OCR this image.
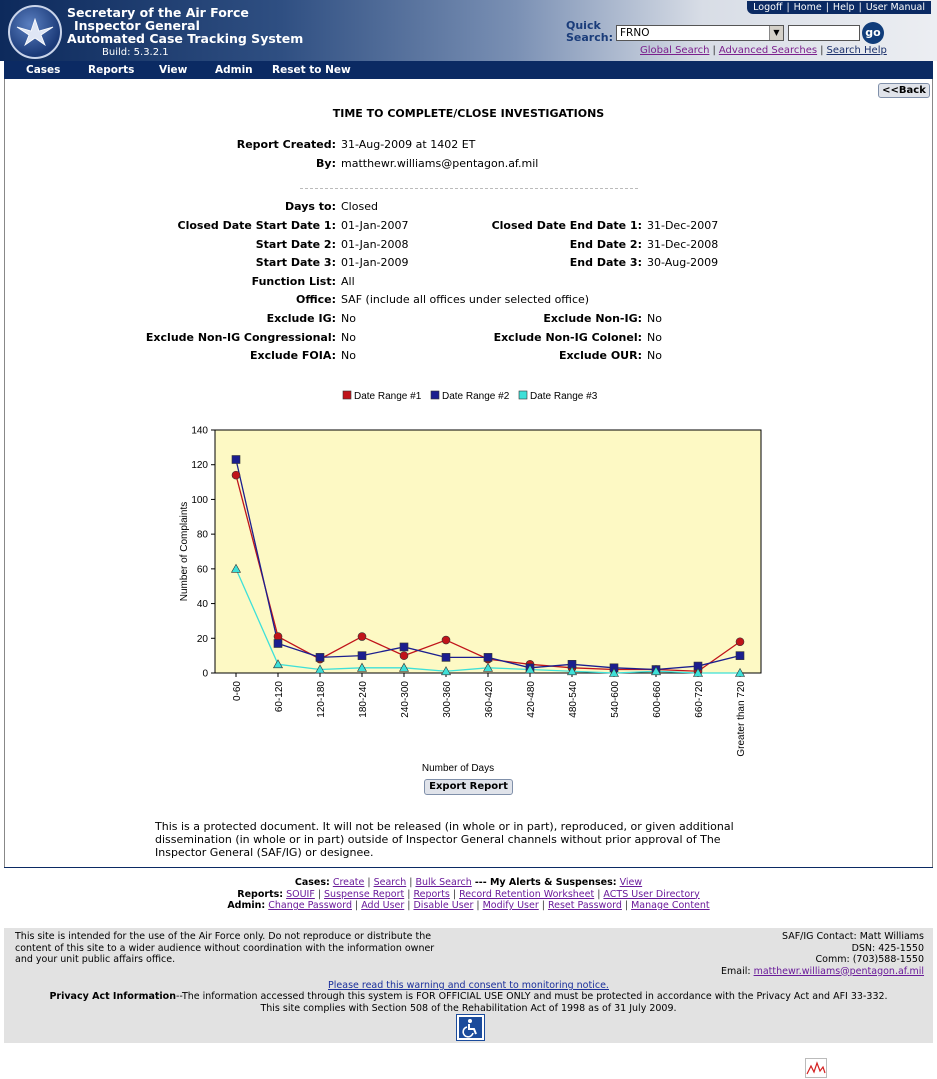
Secretary of the Air Force
Inspector General
Automated Case Tracking System
Build: 5.3.2.1
Logoff | Home | Help | User Manual
Quick
Search: FRNO	▼	go
Global Search | Advanced Searches | Search Help
Cases	Reports View	Admin Reset to New
<<Back
TIME TO COMPLETE/CLOSE INVESTIGATIONS
Report Created: 31-Aug-2009 at 1402 ET
By: matthewr.williams@pentagon.af.mil
Days to: Closed
Closed Date Start Date 1: 01-Jan-2007	Closed Date End Date 1: 31-Dec-2007
Start Date 2: 01-Jan-2008	End Date 2: 31-Dec-2008
Start Date 3: 01-Jan-2009	End Date 3: 30-Aug-2009
Function List: All
Office: SAF (include all offices under selected office)
Exclude IG: No	Exclude Non-IG: No
Exclude Non-IG Congressional: No	Exclude Non-IG Colonel: No
Exclude FOIA: No	Exclude OUR: No
0
20
40
60
80
100
120
140
Number of Complaints
0-60	60-120	120-180	180-240	240-300	300-360	360-420	420-480	480-540	540-600	600-660	660-720	Greater than 720
Number of Days
Date Range #1 Date Range #2 Date Range #3
Export Report
This is a protected document. It will not be released (in whole or in part), reproduced, or given additional dissemination (in whole or in part) outside of Inspector General channels without prior approval of The Inspector General (SAF/IG) or designee.
Cases: Create | Search | Bulk Search --- My Alerts & Suspenses: View
Reports: SOUIF | Suspense Report | Reports | Record Retention Worksheet | ACTS User Directory
Admin: Change Password | Add User | Disable User | Modify User | Reset Password | Manage Content
This site is intended for the use of the Air Force only. Do not reproduce or distribute the content of this site to a wider audience without coordination with the information owner and your unit public affairs office.
SAF/IG Contact: Matt Williams
DSN: 425-1550
Comm: (703)588-1550
Email: matthewr.williams@pentagon.af.mil
Please read this warning and consent to monitoring notice.
Privacy Act Information--The information accessed through this system is FOR OFFICIAL USE ONLY and must be protected in accordance with the Privacy Act and AFI 33-332.
This site complies with Section 508 of the Rehabilitation Act of 1998 as of 31 July 2009.
